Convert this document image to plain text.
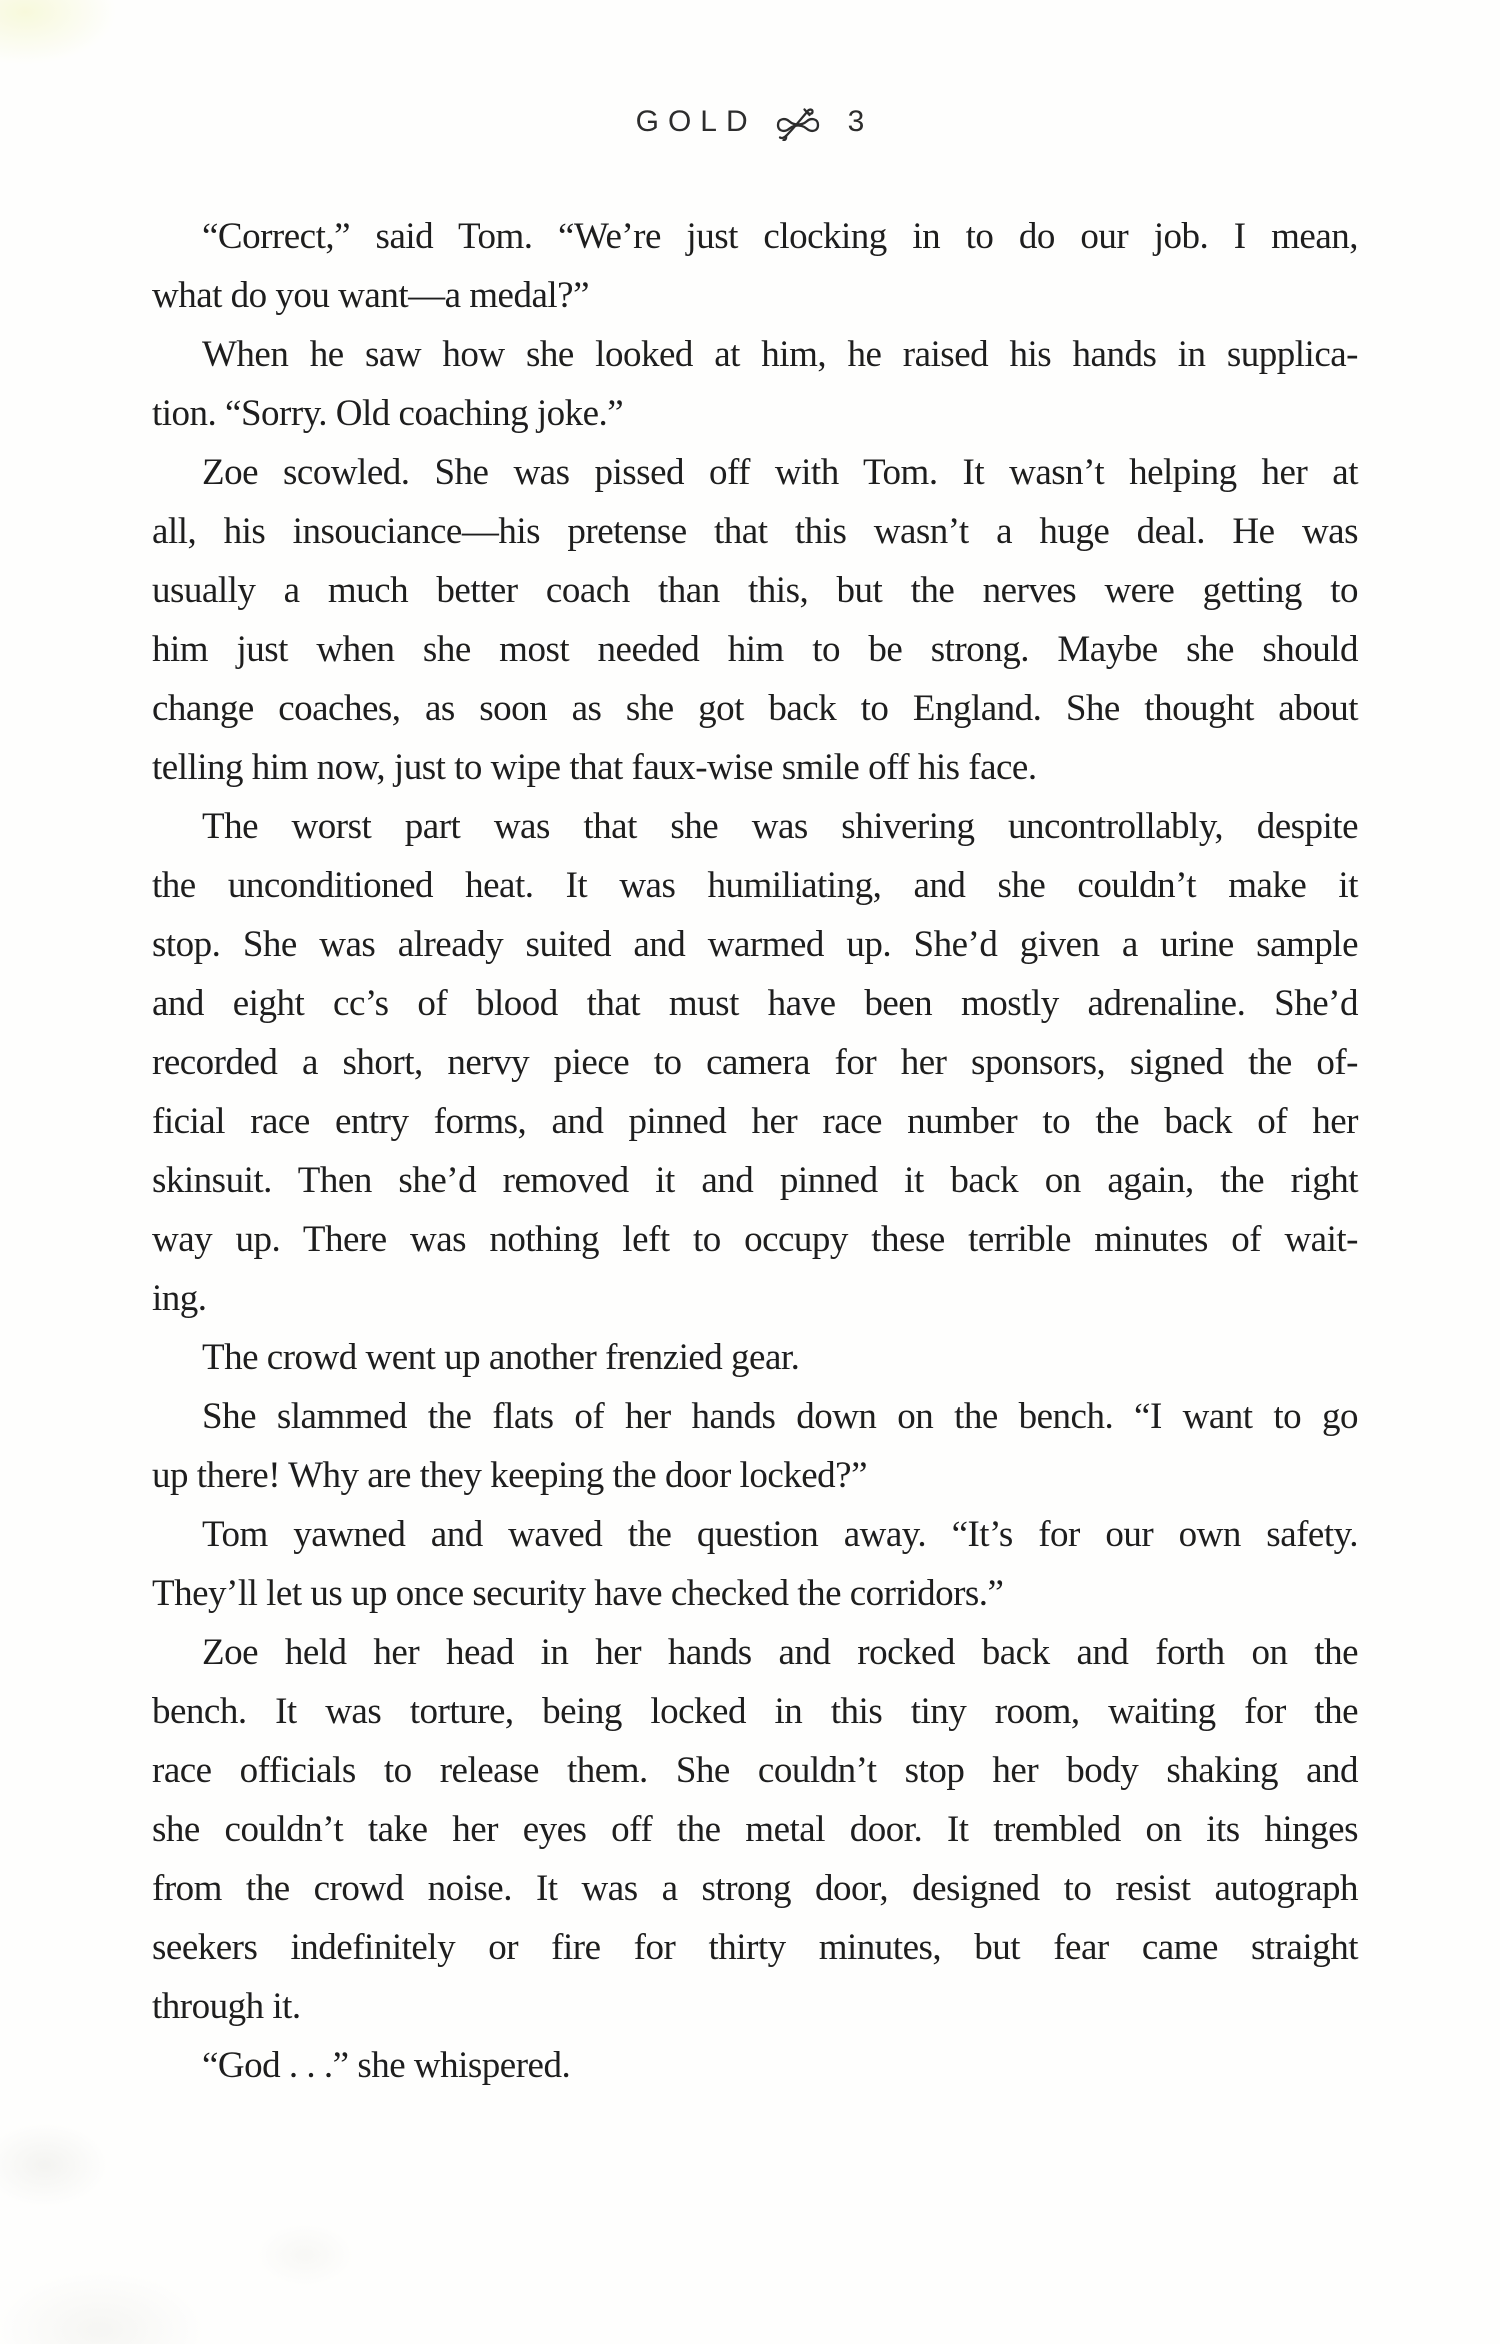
GOLD	3
“Correct,” said Tom. “We’re just clocking in to do our job. I mean,
what do you want—a medal?”
When he saw how she looked at him, he raised his hands in supplica-
tion. “Sorry. Old coaching joke.”
Zoe scowled. She was pissed off with Tom. It wasn’t helping her at
all, his insouciance—his pretense that this wasn’t a huge deal. He was
usually a much better coach than this, but the nerves were getting to
him just when she most needed him to be strong. Maybe she should
change coaches, as soon as she got back to England. She thought about
telling him now, just to wipe that faux-wise smile off his face.
The worst part was that she was shivering uncontrollably, despite
the unconditioned heat. It was humiliating, and she couldn’t make it
stop. She was already suited and warmed up. She’d given a urine sample
and eight cc’s of blood that must have been mostly adrenaline. She’d
recorded a short, nervy piece to camera for her sponsors, signed the of-
ficial race entry forms, and pinned her race number to the back of her
skinsuit. Then she’d removed it and pinned it back on again, the right
way up. There was nothing left to occupy these terrible minutes of wait-
ing.
The crowd went up another frenzied gear.
She slammed the flats of her hands down on the bench. “I want to go
up there! Why are they keeping the door locked?”
Tom yawned and waved the question away. “It’s for our own safety.
They’ll let us up once security have checked the corridors.”
Zoe held her head in her hands and rocked back and forth on the
bench. It was torture, being locked in this tiny room, waiting for the
race officials to release them. She couldn’t stop her body shaking and
she couldn’t take her eyes off the metal door. It trembled on its hinges
from the crowd noise. It was a strong door, designed to resist autograph
seekers indefinitely or fire for thirty minutes, but fear came straight
through it.
“God . . .” she whispered.
